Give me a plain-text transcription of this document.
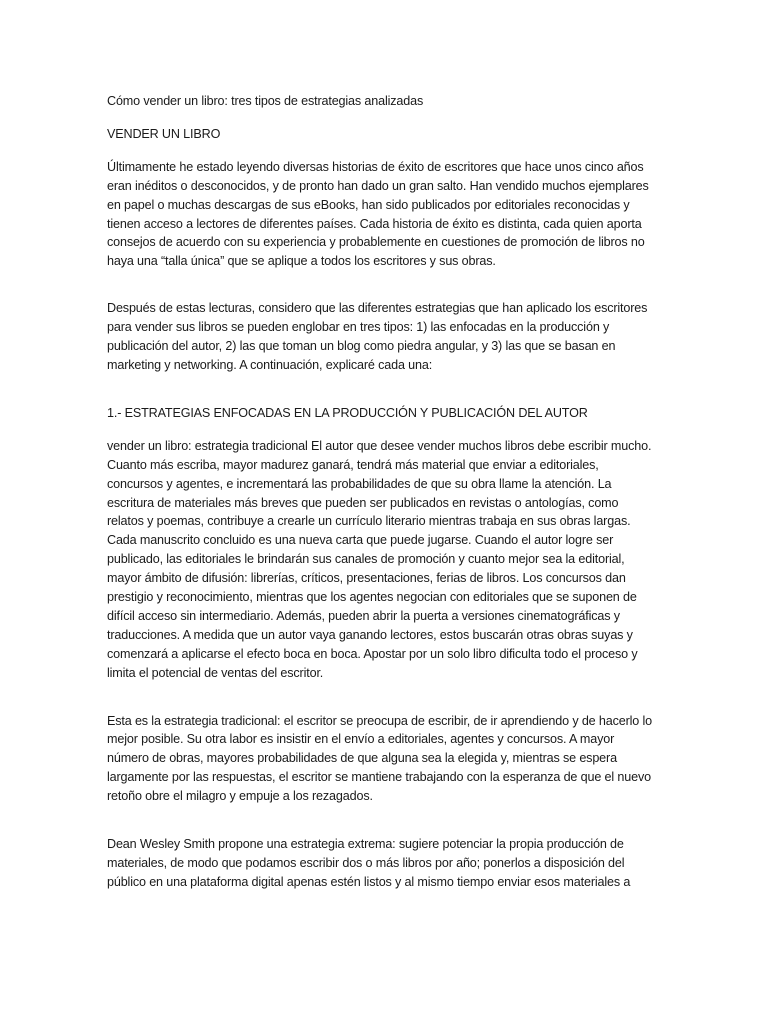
Cómo vender un libro: tres tipos de estrategias analizadas

VENDER UN LIBRO

Últimamente he estado leyendo diversas historias de éxito de escritores que hace unos cinco años eran inéditos o desconocidos, y de pronto han dado un gran salto. Han vendido muchos ejemplares en papel o muchas descargas de sus eBooks, han sido publicados por editoriales reconocidas y tienen acceso a lectores de diferentes países. Cada historia de éxito es distinta, cada quien aporta consejos de acuerdo con su experiencia y probablemente en cuestiones de promoción de libros no haya una “talla única” que se aplique a todos los escritores y sus obras.

Después de estas lecturas, considero que las diferentes estrategias que han aplicado los escritores para vender sus libros se pueden englobar en tres tipos: 1) las enfocadas en la producción y publicación del autor, 2) las que toman un blog como piedra angular, y 3) las que se basan en marketing y networking. A continuación, explicaré cada una:

1.- ESTRATEGIAS ENFOCADAS EN LA PRODUCCIÓN Y PUBLICACIÓN DEL AUTOR

vender un libro: estrategia tradicional El autor que desee vender muchos libros debe escribir mucho. Cuanto más escriba, mayor madurez ganará, tendrá más material que enviar a editoriales, concursos y agentes, e incrementará las probabilidades de que su obra llame la atención. La escritura de materiales más breves que pueden ser publicados en revistas o antologías, como relatos y poemas, contribuye a crearle un currículo literario mientras trabaja en sus obras largas. Cada manuscrito concluido es una nueva carta que puede jugarse. Cuando el autor logre ser publicado, las editoriales le brindarán sus canales de promoción y cuanto mejor sea la editorial, mayor ámbito de difusión: librerías, críticos, presentaciones, ferias de libros. Los concursos dan prestigio y reconocimiento, mientras que los agentes negocian con editoriales que se suponen de difícil acceso sin intermediario. Además, pueden abrir la puerta a versiones cinematográficas y traducciones. A medida que un autor vaya ganando lectores, estos buscarán otras obras suyas y comenzará a aplicarse el efecto boca en boca. Apostar por un solo libro dificulta todo el proceso y limita el potencial de ventas del escritor.

Esta es la estrategia tradicional: el escritor se preocupa de escribir, de ir aprendiendo y de hacerlo lo mejor posible. Su otra labor es insistir en el envío a editoriales, agentes y concursos. A mayor número de obras, mayores probabilidades de que alguna sea la elegida y, mientras se espera largamente por las respuestas, el escritor se mantiene trabajando con la esperanza de que el nuevo retoño obre el milagro y empuje a los rezagados.

Dean Wesley Smith propone una estrategia extrema: sugiere potenciar la propia producción de materiales, de modo que podamos escribir dos o más libros por año; ponerlos a disposición del público en una plataforma digital apenas estén listos y al mismo tiempo enviar esos materiales a
